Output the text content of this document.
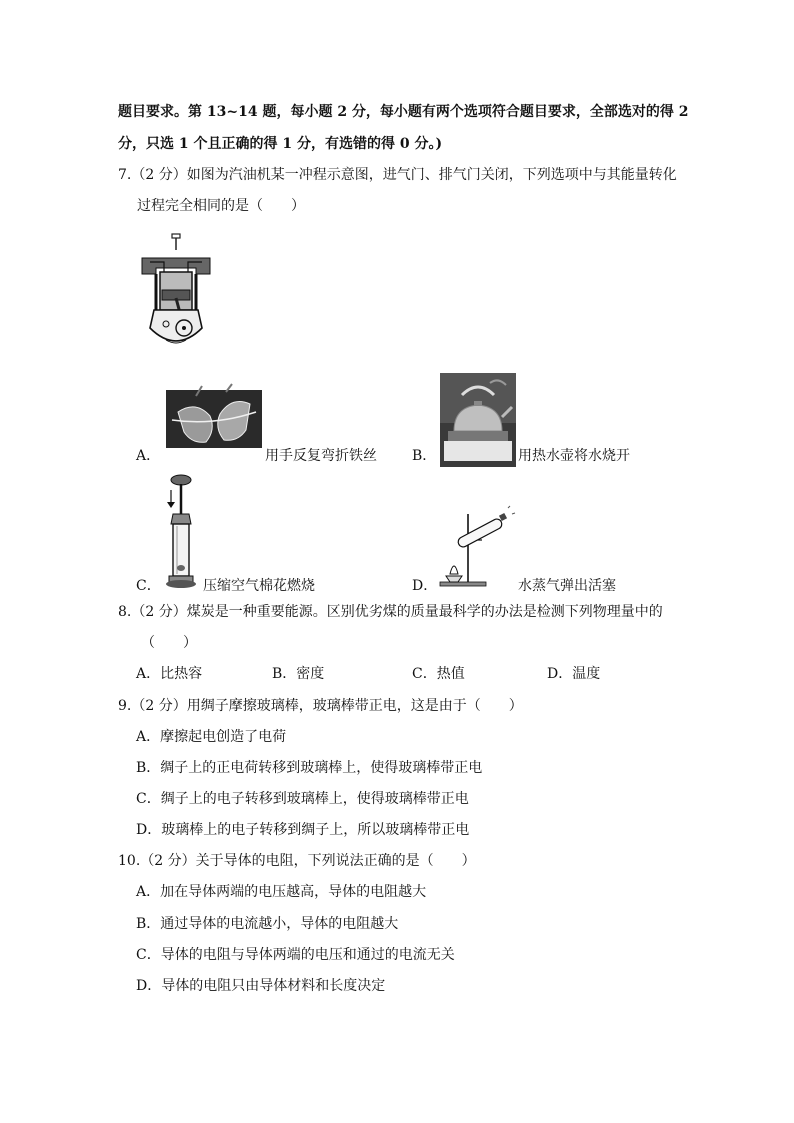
题目要求。第 13~14 题，每小题 2 分，每小题有两个选项符合题目要求，全部选对的得 2
分，只选 1 个且正确的得 1 分，有选错的得 0 分。)
7.（2 分）如图为汽油机某一冲程示意图，进气门、排气门关闭，下列选项中与其能量转化
过程完全相同的是（　　）
A．	用手反复弯折铁丝	B．	用热水壶将水烧开
C．	压缩空气棉花燃烧	D．	水蒸气弹出活塞
8.（2 分）煤炭是一种重要能源。区别优劣煤的质量最科学的办法是检测下列物理量中的
（　　）
A．比热容	B．密度	C．热值	D．温度
9.（2 分）用绸子摩擦玻璃棒，玻璃棒带正电，这是由于（　　）
A．摩擦起电创造了电荷
B．绸子上的正电荷转移到玻璃棒上，使得玻璃棒带正电
C．绸子上的电子转移到玻璃棒上，使得玻璃棒带正电
D．玻璃棒上的电子转移到绸子上，所以玻璃棒带正电
10.（2 分）关于导体的电阻，下列说法正确的是（　　）
A．加在导体两端的电压越高，导体的电阻越大
B．通过导体的电流越小，导体的电阻越大
C．导体的电阻与导体两端的电压和通过的电流无关
D．导体的电阻只由导体材料和长度决定
